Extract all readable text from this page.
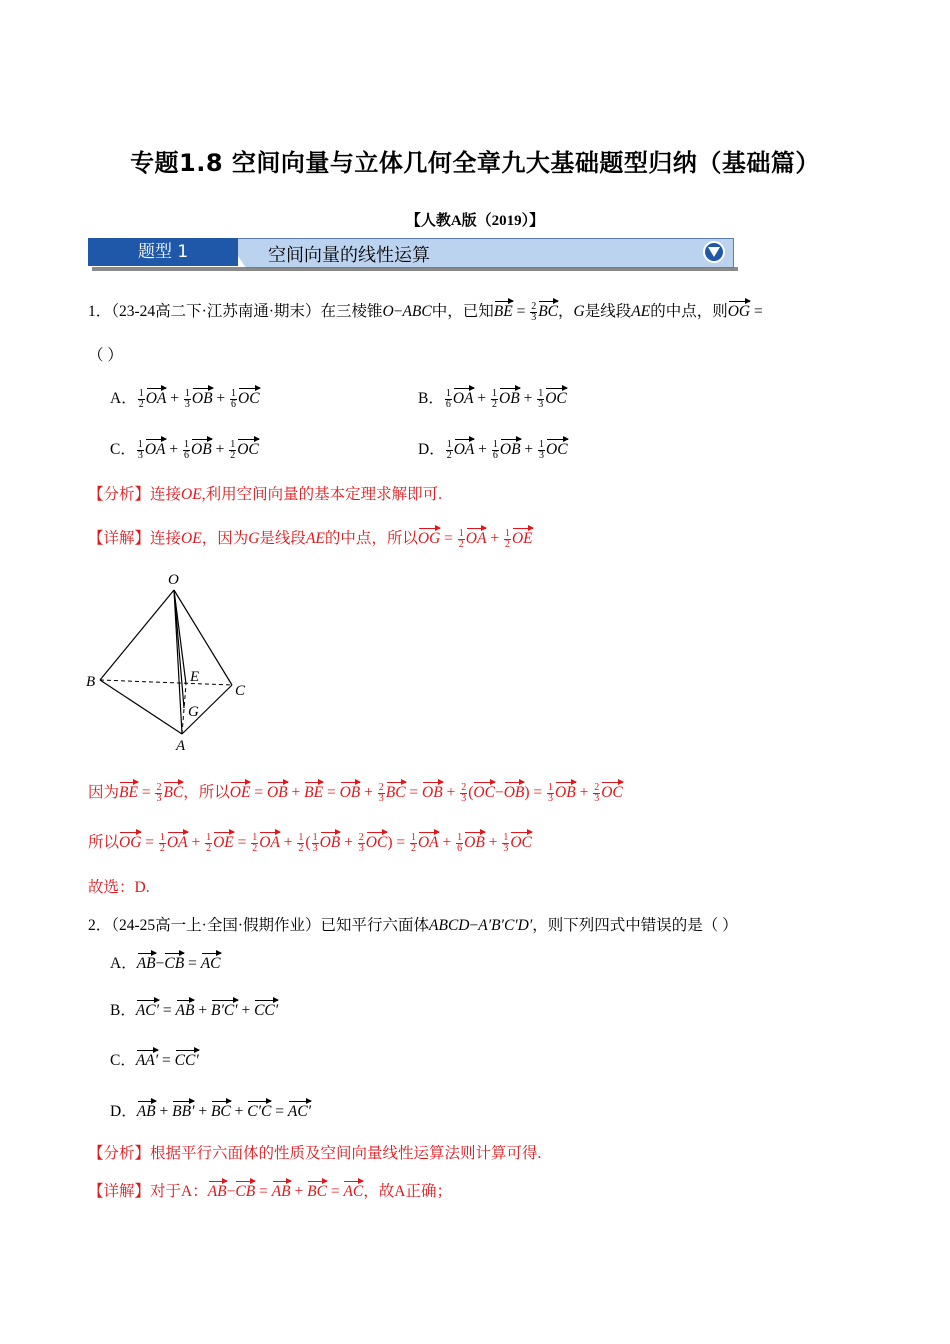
专题1.8 空间向量与立体几何全章九大基础题型归纳（基础篇）
【人教A版（2019）】
题型 1	空间向量的线性运算
1．（23-24高二下·江苏南通·期末）在三棱锥O−ABC中，已知BE = $\frac{2}{3}$ BC，G是线段AE的中点，则OG =
（ ）
A． $\frac{1}{2}$ OA + $\frac{1}{3}$ OB + $\frac{1}{6}$ OC	B． $\frac{1}{6}$ OA + $\frac{1}{2}$ OB + $\frac{1}{3}$ OC
C． $\frac{1}{3}$ OA + $\frac{1}{6}$ OB + $\frac{1}{2}$ OC	D． $\frac{1}{2}$ OA + $\frac{1}{6}$ OB + $\frac{1}{3}$ OC
【分析】连接OE,利用空间向量的基本定理求解即可.
【详解】连接OE，因为G是线段AE的中点，所以OG = $\frac{1}{2}$ OA + $\frac{1}{2}$ OE
O
B	E
C
G
A
因为BE = $\frac{2}{3}$ BC，所以OE = OB + BE = OB + $\frac{2}{3}$ BC = OB + $\frac{2}{3} (OC-OB) = \frac{1}{3}$ OB + $\frac{2}{3}$ OC
所以OG = $\frac{1}{2}$ OA + $\frac{1}{2}$ OE = $\frac{1}{2}$ OA + $\frac{1}{2}$ ( $\frac{1}{3}$ OB + $\frac{2}{3} OC) = \frac{1}{2}$ OA + $\frac{1}{6}$ OB + $\frac{1}{3}$ OC
故选：D.
2．（24-25高一上·全国·假期作业）已知平行六面体ABCD−A′B′C′D′，则下列四式中错误的是（ ）
A．AB−CB = AC
B．AC′ = AB + B′C′ + CC′
C．AA′ = CC′
D．AB + BB′ + BC + C′C = AC′
【分析】根据平行六面体的性质及空间向量线性运算法则计算可得.
【详解】对于A：AB−CB = AB + BC = AC，故A正确；
